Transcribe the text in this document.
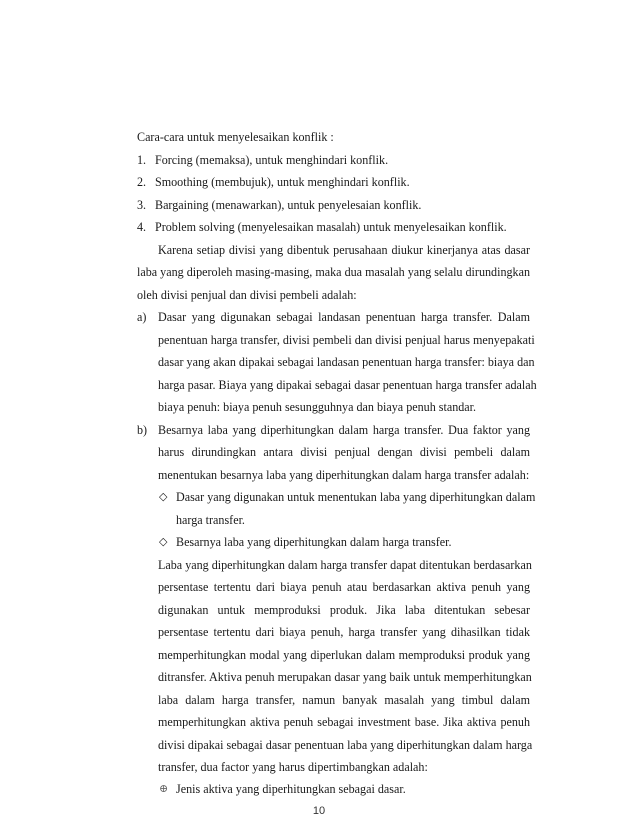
Cara-cara untuk menyelesaikan konflik :
1. Forcing (memaksa), untuk menghindari konflik.
2. Smoothing (membujuk), untuk menghindari konflik.
3. Bargaining (menawarkan), untuk penyelesaian konflik.
4. Problem solving (menyelesaikan masalah) untuk menyelesaikan konflik.
Karena setiap divisi yang dibentuk perusahaan diukur kinerjanya atas dasar
laba yang diperoleh masing-masing, maka dua masalah yang selalu dirundingkan
oleh divisi penjual dan divisi pembeli adalah:
a) Dasar yang digunakan sebagai landasan penentuan harga transfer. Dalam
penentuan harga transfer, divisi pembeli dan divisi penjual harus menyepakati
dasar yang akan dipakai sebagai landasan penentuan harga transfer: biaya dan
harga pasar. Biaya yang dipakai sebagai dasar penentuan harga transfer adalah
biaya penuh: biaya penuh sesungguhnya dan biaya penuh standar.
b) Besarnya laba yang diperhitungkan dalam harga transfer. Dua faktor yang
harus dirundingkan antara divisi penjual dengan divisi pembeli dalam
menentukan besarnya laba yang diperhitungkan dalam harga transfer adalah:
◇ Dasar yang digunakan untuk menentukan laba yang diperhitungkan dalam
harga transfer.
◇ Besarnya laba yang diperhitungkan dalam harga transfer.
Laba yang diperhitungkan dalam harga transfer dapat ditentukan berdasarkan
persentase tertentu dari biaya penuh atau berdasarkan aktiva penuh yang
digunakan untuk memproduksi produk. Jika laba ditentukan sebesar
persentase tertentu dari biaya penuh, harga transfer yang dihasilkan tidak
memperhitungkan modal yang diperlukan dalam memproduksi produk yang
ditransfer. Aktiva penuh merupakan dasar yang baik untuk memperhitungkan
laba dalam harga transfer, namun banyak masalah yang timbul dalam
memperhitungkan aktiva penuh sebagai investment base. Jika aktiva penuh
divisi dipakai sebagai dasar penentuan laba yang diperhitungkan dalam harga
transfer, dua factor yang harus dipertimbangkan adalah:
⊕ Jenis aktiva yang diperhitungkan sebagai dasar.
10
